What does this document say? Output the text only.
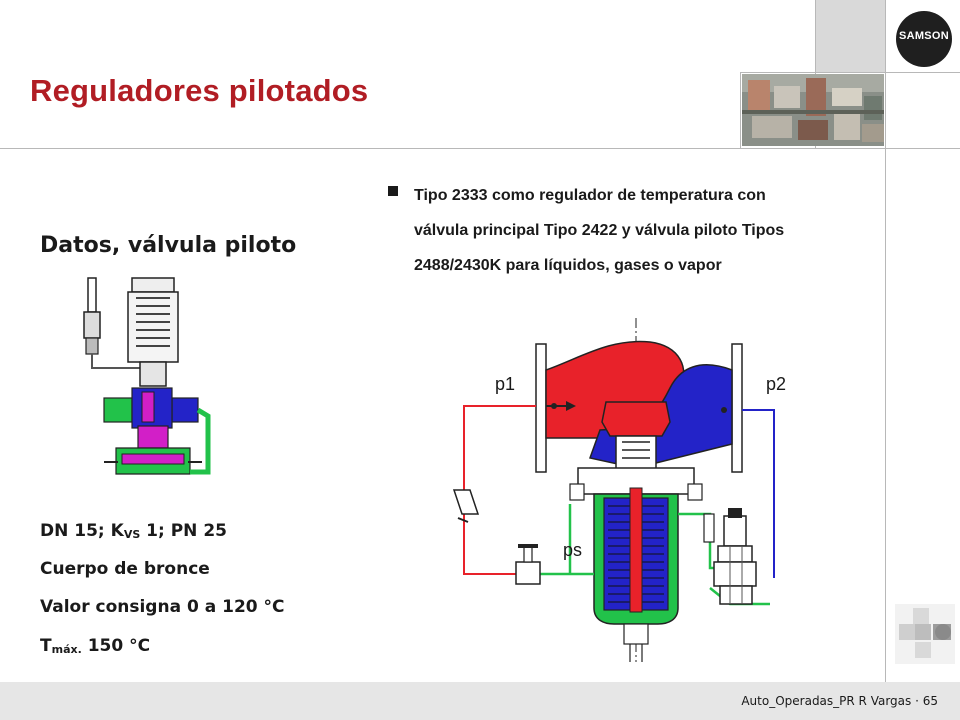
Reguladores pilotados
SAMSON
Datos, válvula piloto
DN 15; $K_{VS}$ 1; PN 25
Cuerpo de bronce
Valor consigna 0 a 120 °C
$T_{máx.}$ 150 °C
Tipo 2333 como regulador de temperatura con
válvula principal Tipo 2422 y válvula piloto Tipos
2488/2430K para líquidos, gases o vapor
p1	p2
ps
Auto_Operadas_PR R Vargas · 65
